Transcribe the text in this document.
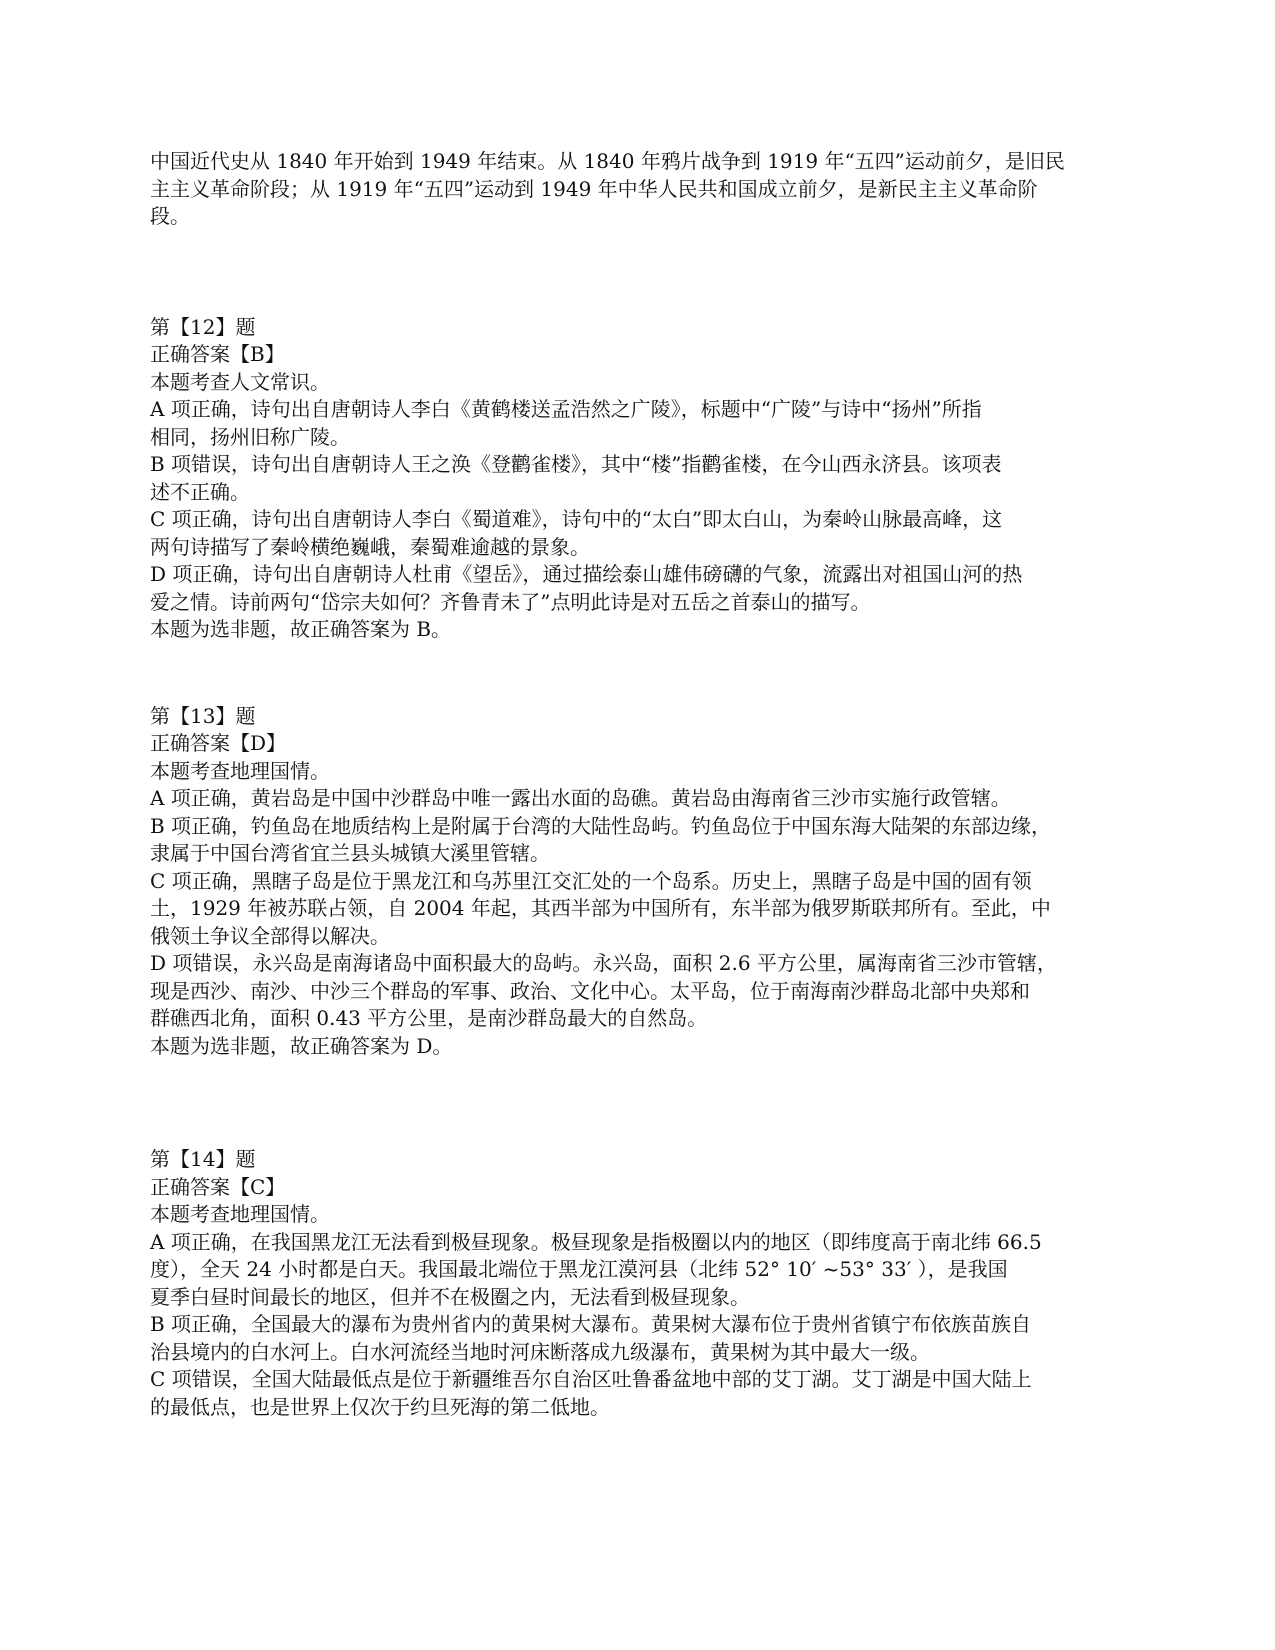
中国近代史从 1840 年开始到 1949 年结束。从 1840 年鸦片战争到 1919 年“五四”运动前夕，是旧民
主主义革命阶段；从 1919 年“五四”运动到 1949 年中华人民共和国成立前夕，是新民主主义革命阶
段。
第【12】题
正确答案【B】
本题考查人文常识。
A 项正确，诗句出自唐朝诗人李白《黄鹤楼送孟浩然之广陵》，标题中“广陵”与诗中“扬州”所指
相同，扬州旧称广陵。
B 项错误，诗句出自唐朝诗人王之涣《登鹳雀楼》，其中“楼”指鹳雀楼，在今山西永济县。该项表
述不正确。
C 项正确，诗句出自唐朝诗人李白《蜀道难》，诗句中的“太白”即太白山，为秦岭山脉最高峰，这
两句诗描写了秦岭横绝巍峨，秦蜀难逾越的景象。
D 项正确，诗句出自唐朝诗人杜甫《望岳》，通过描绘泰山雄伟磅礴的气象，流露出对祖国山河的热
爱之情。诗前两句“岱宗夫如何？齐鲁青未了”点明此诗是对五岳之首泰山的描写。
本题为选非题，故正确答案为 B。
第【13】题
正确答案【D】
本题考查地理国情。
A 项正确，黄岩岛是中国中沙群岛中唯一露出水面的岛礁。黄岩岛由海南省三沙市实施行政管辖。
B 项正确，钓鱼岛在地质结构上是附属于台湾的大陆性岛屿。钓鱼岛位于中国东海大陆架的东部边缘，
隶属于中国台湾省宜兰县头城镇大溪里管辖。
C 项正确，黑瞎子岛是位于黑龙江和乌苏里江交汇处的一个岛系。历史上，黑瞎子岛是中国的固有领
土，1929 年被苏联占领，自 2004 年起，其西半部为中国所有，东半部为俄罗斯联邦所有。至此，中
俄领土争议全部得以解决。
D 项错误，永兴岛是南海诸岛中面积最大的岛屿。永兴岛，面积 2.6 平方公里，属海南省三沙市管辖，
现是西沙、南沙、中沙三个群岛的军事、政治、文化中心。太平岛，位于南海南沙群岛北部中央郑和
群礁西北角，面积 0.43 平方公里，是南沙群岛最大的自然岛。
本题为选非题，故正确答案为 D。
第【14】题
正确答案【C】
本题考查地理国情。
A 项正确，在我国黑龙江无法看到极昼现象。极昼现象是指极圈以内的地区（即纬度高于南北纬 66.5
度），全天 24 小时都是白天。我国最北端位于黑龙江漠河县（北纬 52° 10′ ~53° 33′ ），是我国
夏季白昼时间最长的地区，但并不在极圈之内，无法看到极昼现象。
B 项正确，全国最大的瀑布为贵州省内的黄果树大瀑布。黄果树大瀑布位于贵州省镇宁布依族苗族自
治县境内的白水河上。白水河流经当地时河床断落成九级瀑布，黄果树为其中最大一级。
C 项错误，全国大陆最低点是位于新疆维吾尔自治区吐鲁番盆地中部的艾丁湖。艾丁湖是中国大陆上
的最低点，也是世界上仅次于约旦死海的第二低地。
